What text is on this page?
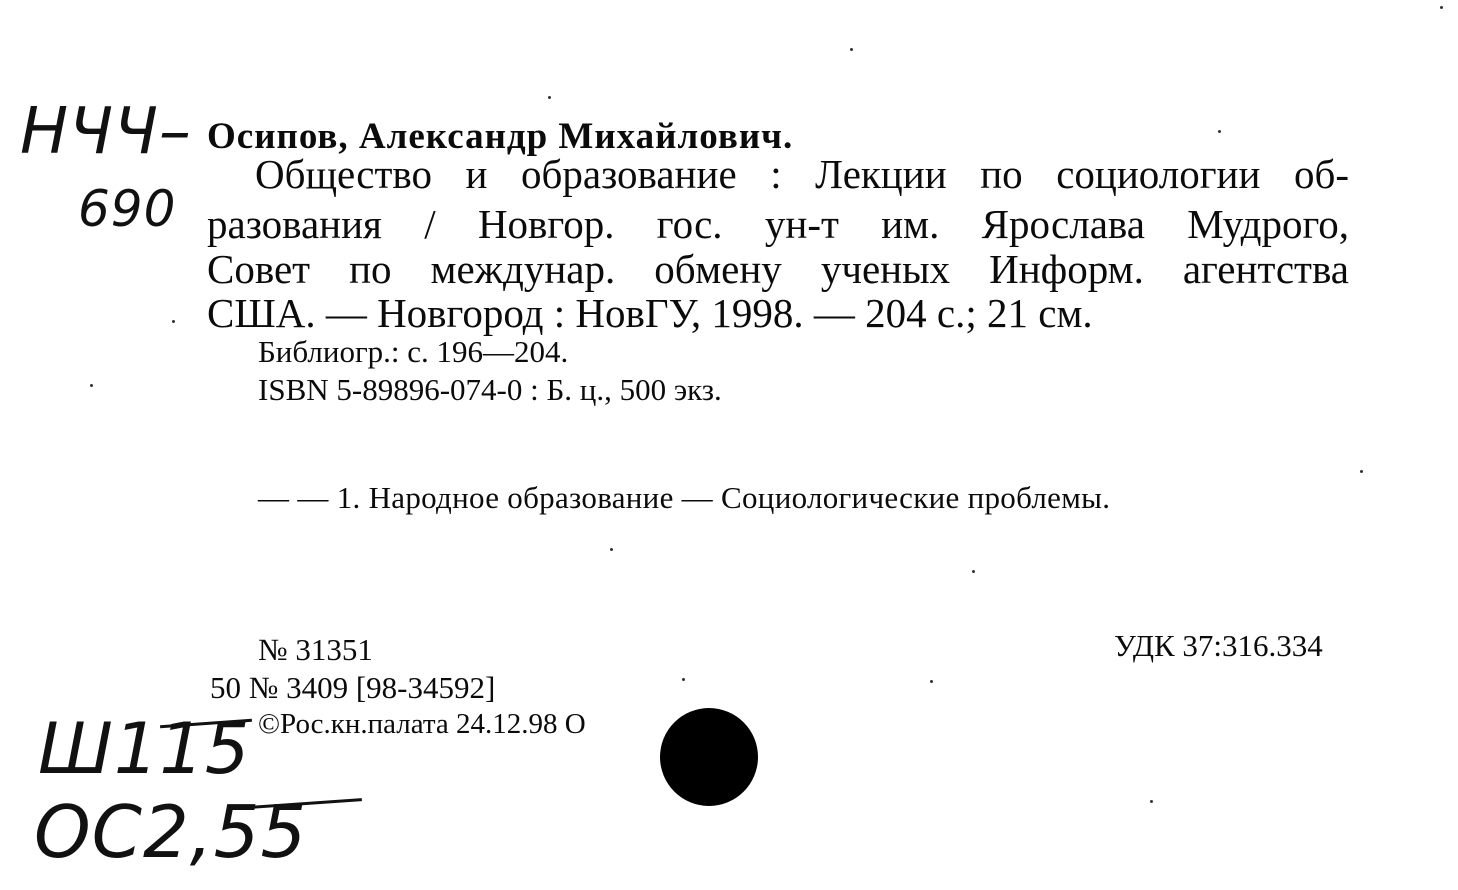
НЧЧ–
690
Осипов, Александр Михайлович.
Общество и образование : Лекции по социологии об-
разования / Новгор. гос. ун-т им. Ярослава Мудрого,
Совет по междунар. обмену ученых Информ. агентства
США. — Новгород : НовГУ, 1998. — 204 с.; 21 см.
Библиогр.: с. 196—204.
ISBN 5-89896-074-0 : Б. ц., 500 экз.
— — 1. Народное образование — Социологические проблемы.
№ 31351	УДК 37:316.334
50 № 3409 [98-34592]
©Рос.кн.палата 24.12.98 О
Ш115
ОС2,55
